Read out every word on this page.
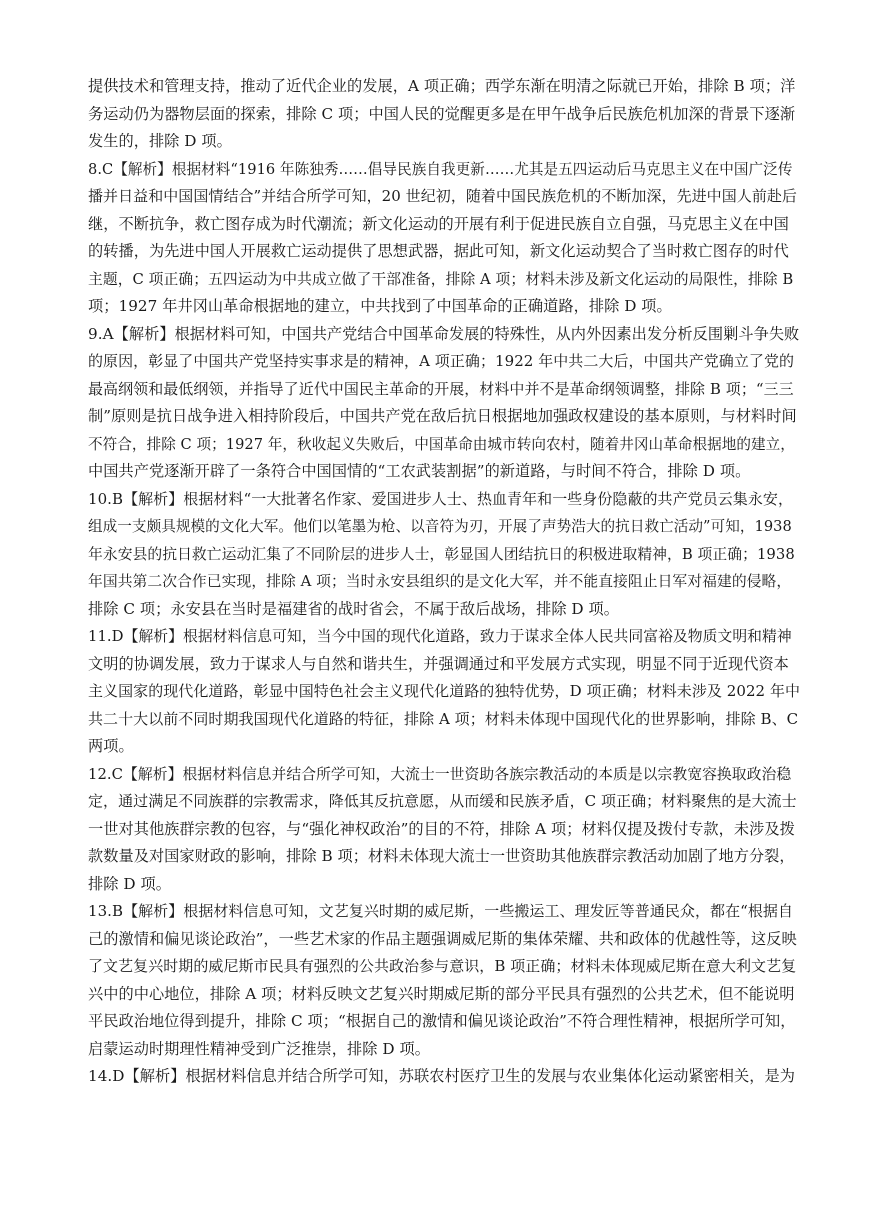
提供技术和管理支持，推动了近代企业的发展，A 项正确；西学东渐在明清之际就已开始，排除 B 项；洋
务运动仍为器物层面的探索，排除 C 项；中国人民的觉醒更多是在甲午战争后民族危机加深的背景下逐渐
发生的，排除 D 项。
8.C【解析】根据材料“1916 年陈独秀……倡导民族自我更新……尤其是五四运动后马克思主义在中国广泛传
播并日益和中国国情结合”并结合所学可知，20 世纪初，随着中国民族危机的不断加深，先进中国人前赴后
继，不断抗争，救亡图存成为时代潮流；新文化运动的开展有利于促进民族自立自强，马克思主义在中国
的转播，为先进中国人开展救亡运动提供了思想武器，据此可知，新文化运动契合了当时救亡图存的时代
主题，C 项正确；五四运动为中共成立做了干部准备，排除 A 项；材料未涉及新文化运动的局限性，排除 B
项；1927 年井冈山革命根据地的建立，中共找到了中国革命的正确道路，排除 D 项。
9.A【解析】根据材料可知，中国共产党结合中国革命发展的特殊性，从内外因素出发分析反围剿斗争失败
的原因，彰显了中国共产党坚持实事求是的精神，A 项正确；1922 年中共二大后，中国共产党确立了党的
最高纲领和最低纲领，并指导了近代中国民主革命的开展，材料中并不是革命纲领调整，排除 B 项；“三三
制”原则是抗日战争进入相持阶段后，中国共产党在敌后抗日根据地加强政权建设的基本原则，与材料时间
不符合，排除 C 项；1927 年，秋收起义失败后，中国革命由城市转向农村，随着井冈山革命根据地的建立，
中国共产党逐渐开辟了一条符合中国国情的“工农武装割据”的新道路，与时间不符合，排除 D 项。
10.B【解析】根据材料“一大批著名作家、爱国进步人士、热血青年和一些身份隐蔽的共产党员云集永安，
组成一支颇具规模的文化大军。他们以笔墨为枪、以音符为刃，开展了声势浩大的抗日救亡活动”可知，1938
年永安县的抗日救亡运动汇集了不同阶层的进步人士，彰显国人团结抗日的积极进取精神，B 项正确；1938
年国共第二次合作已实现，排除 A 项；当时永安县组织的是文化大军，并不能直接阻止日军对福建的侵略，
排除 C 项；永安县在当时是福建省的战时省会，不属于敌后战场，排除 D 项。
11.D【解析】根据材料信息可知，当今中国的现代化道路，致力于谋求全体人民共同富裕及物质文明和精神
文明的协调发展，致力于谋求人与自然和谐共生，并强调通过和平发展方式实现，明显不同于近现代资本
主义国家的现代化道路，彰显中国特色社会主义现代化道路的独特优势，D 项正确；材料未涉及 2022 年中
共二十大以前不同时期我国现代化道路的特征，排除 A 项；材料未体现中国现代化的世界影响，排除 B、C
两项。
12.C【解析】根据材料信息并结合所学可知，大流士一世资助各族宗教活动的本质是以宗教宽容换取政治稳
定，通过满足不同族群的宗教需求，降低其反抗意愿，从而缓和民族矛盾，C 项正确；材料聚焦的是大流士
一世对其他族群宗教的包容，与“强化神权政治”的目的不符，排除 A 项；材料仅提及拨付专款，未涉及拨
款数量及对国家财政的影响，排除 B 项；材料未体现大流士一世资助其他族群宗教活动加剧了地方分裂，
排除 D 项。
13.B【解析】根据材料信息可知，文艺复兴时期的威尼斯，一些搬运工、理发匠等普通民众，都在“根据自
己的激情和偏见谈论政治”，一些艺术家的作品主题强调威尼斯的集体荣耀、共和政体的优越性等，这反映
了文艺复兴时期的威尼斯市民具有强烈的公共政治参与意识，B 项正确；材料未体现威尼斯在意大利文艺复
兴中的中心地位，排除 A 项；材料反映文艺复兴时期威尼斯的部分平民具有强烈的公共艺术，但不能说明
平民政治地位得到提升，排除 C 项；“根据自己的激情和偏见谈论政治”不符合理性精神，根据所学可知，
启蒙运动时期理性精神受到广泛推崇，排除 D 项。
14.D【解析】根据材料信息并结合所学可知，苏联农村医疗卫生的发展与农业集体化运动紧密相关，是为
